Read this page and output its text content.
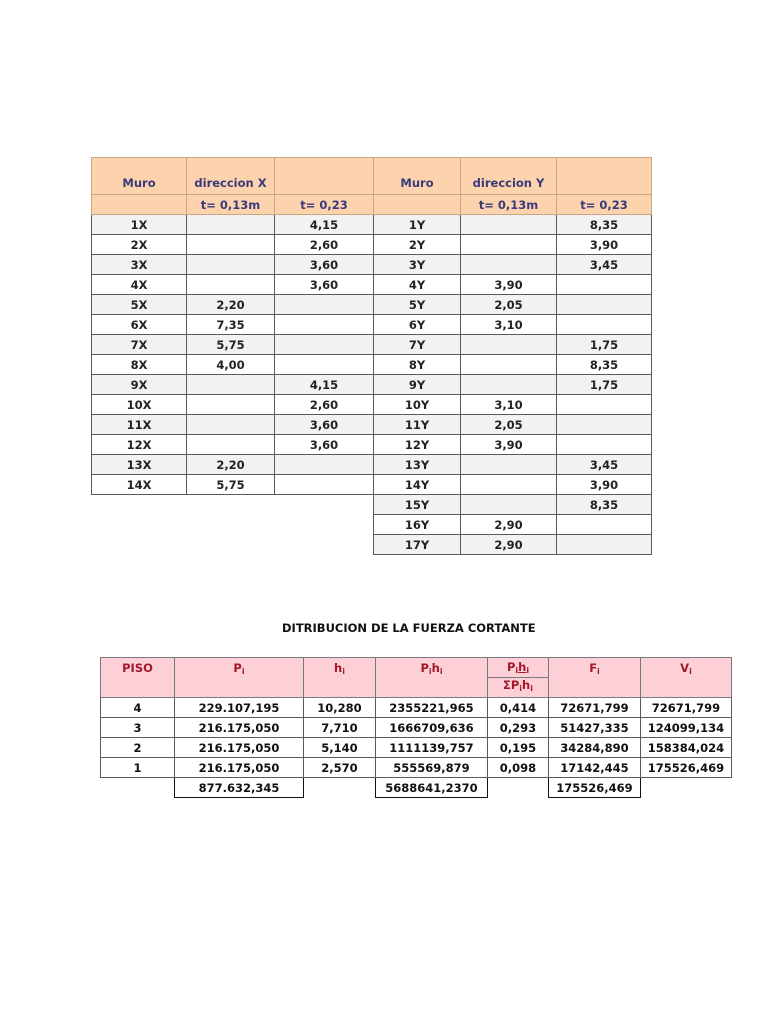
Muro	direccion X		Muro	direccion Y	
	t= 0,13m	t= 0,23		t= 0,13m	t= 0,23
1X		4,15	1Y		8,35
2X		2,60	2Y		3,90
3X		3,60	3Y		3,45
4X		3,60	4Y	3,90	
5X	2,20		5Y	2,05	
6X	7,35		6Y	3,10	
7X	5,75		7Y		1,75
8X	4,00		8Y		8,35
9X		4,15	9Y		1,75
10X		2,60	10Y	3,10	
11X		3,60	11Y	2,05	
12X		3,60	12Y	3,90	
13X	2,20		13Y		3,45
14X	5,75		14Y		3,90
			15Y		8,35
			16Y	2,90	
			17Y	2,90	
DITRIBUCION DE LA FUERZA CORTANTE
PISO	$P_i$	$h_i$	$P_ih_i$	$P_ih_i$	$F_i$	$V_i$
				$\Sigma P_ih_i$
4	229.107,195	10,280	2355221,965	0,414	72671,799	72671,799
3	216.175,050	7,710	1666709,636	0,293	51427,335	124099,134
2	216.175,050	5,140	1111139,757	0,195	34284,890	158384,024
1	216.175,050	2,570	555569,879	0,098	17142,445	175526,469
	877.632,345		5688641,2370		175526,469	
